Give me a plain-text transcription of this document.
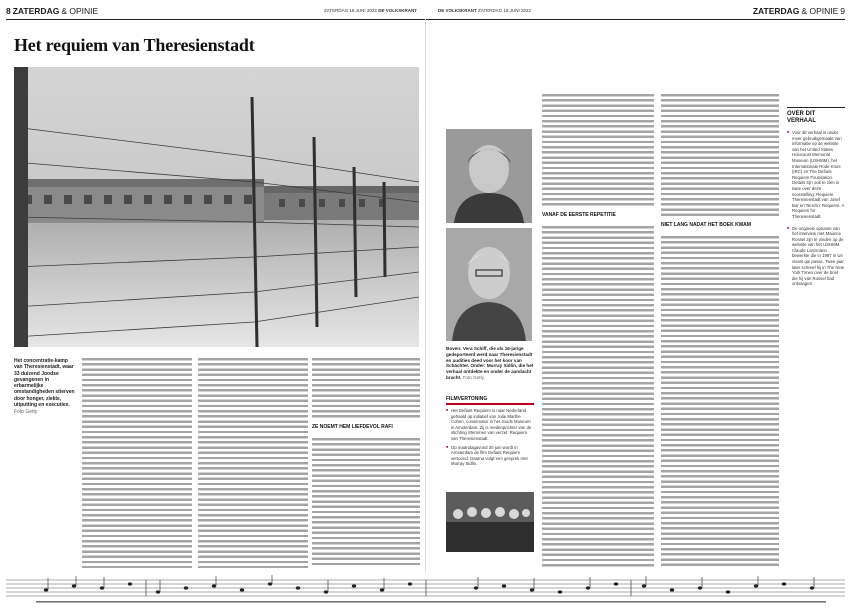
8 ZATERDAG & OPINIE	ZATERDAG 18 JUNI 2022 DE VOLKSKRANT	DE VOLKSKRANT ZATERDAG 18 JUNI 2022	ZATERDAG & OPINIE 9
Het requiem van Theresienstadt
Het concentratie-kamp van Theresienstadt, waar 33 duizend Joodse gevangenen in erbarmelijke omstandigheden stierven door honger, ziekte, uitputting en executies.
Foto Getty
ZE NOEMT HEM LIEFDEVOL RAFI
Boven: Vera Schiff, die als 16-jarige gedeporteerd werd naar Theresienstadt en audities deed voor het koor van Schächter. Onder: Murray Sidlin, die het verhaal ontdekte en onder de aandacht bracht. Foto Getty
FILMVERTONING

■ Het Defiant Requiem is naar Nederland gehaald op initiatief van Julie Marthe Cohen, conservator in het Joods Museum in Amsterdam. Zij is medeoprichter van de stichting Stemmen van verzet: Requiem van Theresienstadt.

■ Op maandagavond 20 juni wordt in Amsterdam de film Defiant Requiem vertoond. Daarna volgt een gesprek met Murray Sidlin.

VANAF DE EERSTE REPETITIE
NIET LANG NADAT HET BOEK KWAM
OVER DIT VERHAAL

■ Voor dit verhaal is onder meer gebruikgemaakt van informatie op de website van het United States Holocaust Memorial Museum (USHMM), het Internationale Rode Kruis (IRC) en The Defiant Requiem Foundation. Details zijn ook te zien in twee over deze voorstelling: Requiem Theresienstadt van Josef Bor en Terezin: Requiem. A Requiem for Theresienstadt.

■ De originele opname van het interview met Maurice Rossel zijn te vinden op de website van het USHMM. Claude Lanzmann bewerkte die in 1997 in Un vivant qui passe. Twee jaar later schreef hij in The New York Times over de brief die hij van Rossel had ontvangen.
